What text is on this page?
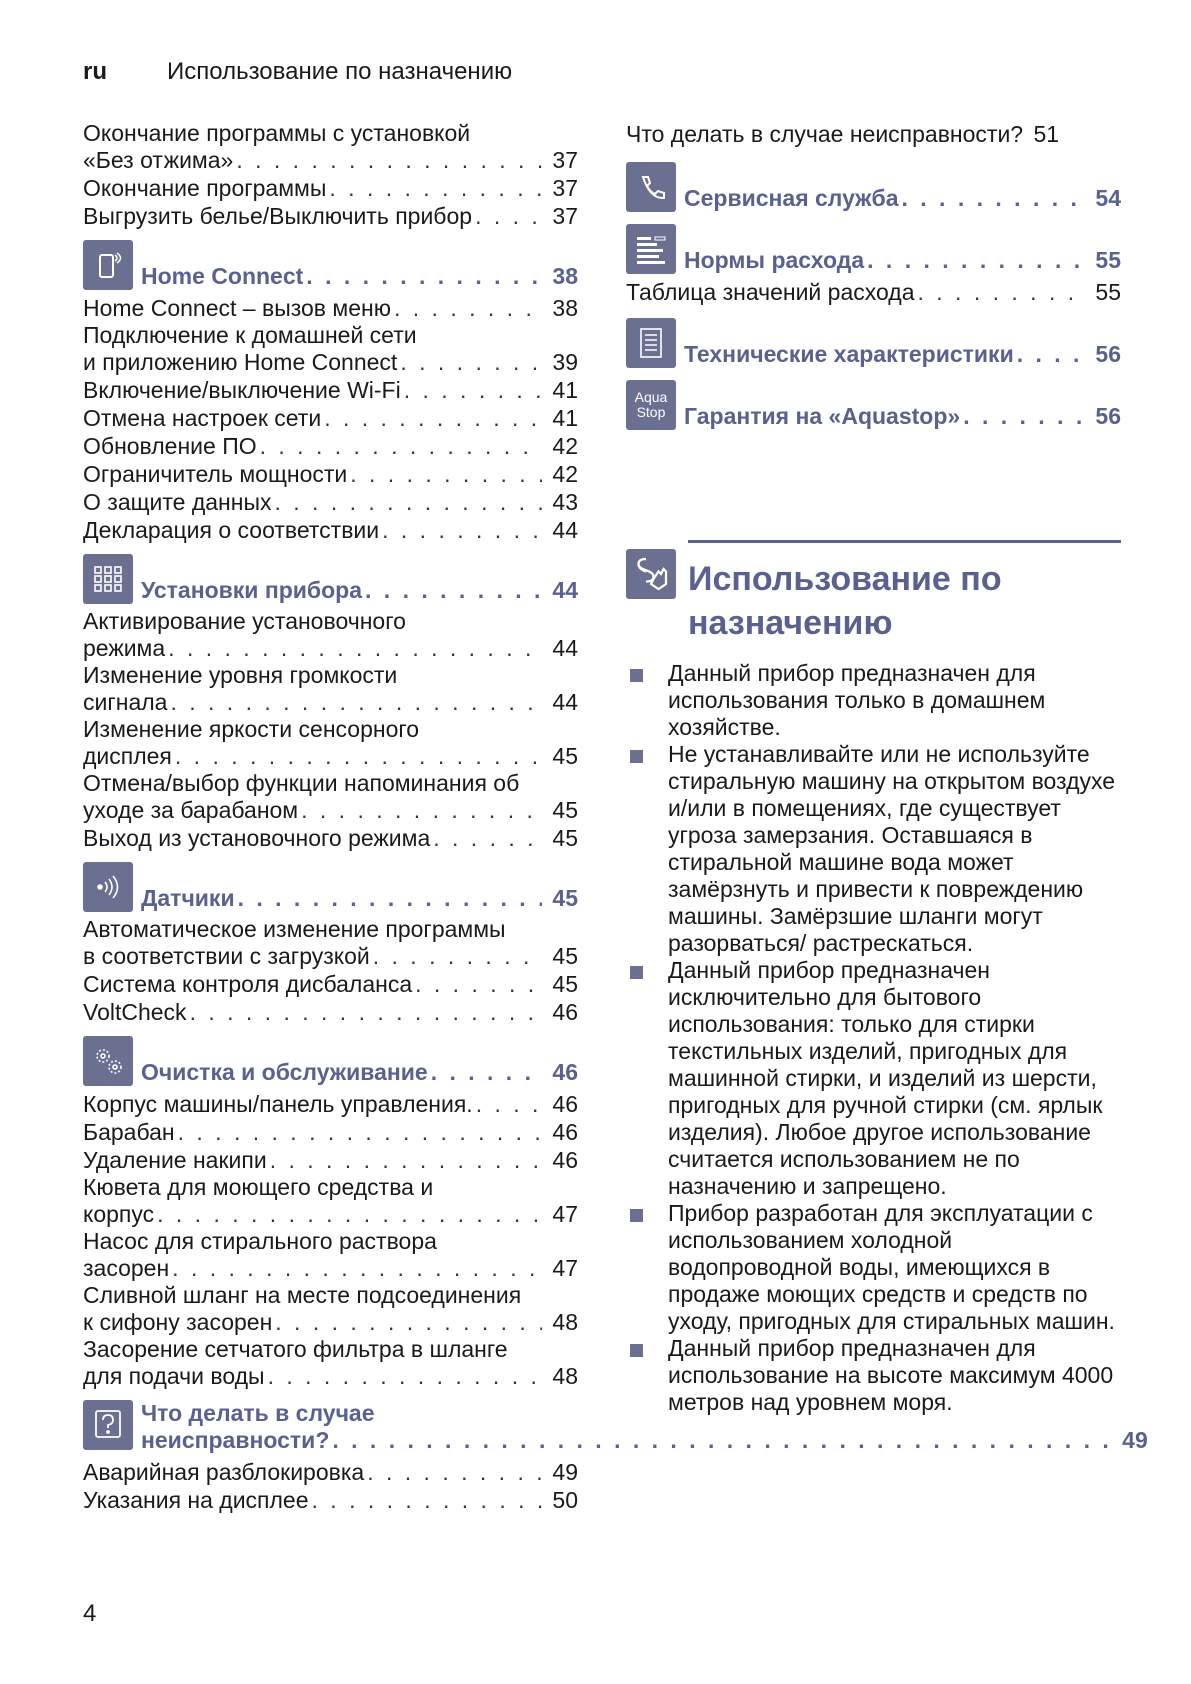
ru	Использование по назначению
Окончание программы с установкой
«Без отжима» . . .	37
Окончание программы . . .	37
Выгрузить белье/Выключить прибор . . .	37
Home Connect . . .	38
Home Connect – вызов меню . . .	38
Подключение к домашней сети
и приложению Home Connect . . .	39
Включение/выключение Wi-Fi . . .	41
Отмена настроек сети . . .	41
Обновление ПО . . .	42
Ограничитель мощности . . .	42
О защите данных . . .	43
Декларация о соответствии . . .	44
Установки прибора . . .	44
Активирование установочного
режима . . .	44
Изменение уровня громкости
сигнала . . .	44
Изменение яркости сенсорного
дисплея . . .	45
Отмена/выбор функции напоминания об
уходе за барабаном . . .	45
Выход из установочного режима . . .	45
Датчики . . .	45
Автоматическое изменение программы
в соответствии с загрузкой . . .	45
Система контроля дисбаланса . . .	45
VoltCheck . . .	46
Очистка и обслуживание . . .	46
Корпус машины/панель управления. . . .	46
Барабан . . .	46
Удаление накипи . . .	46
Кювета для моющего средства и
корпус . . .	47
Насос для стирального раствора
засорен . . .	47
Сливной шланг на месте подсоединения
к сифону засорен . . .	48
Засорение сетчатого фильтра в шланге
для подачи воды . . .	48
Что делать в случае
неисправности? . . .	49
Аварийная разблокировка . . .	49
Указания на дисплее . . .	50
Что делать в случае неисправности? 51
Сервисная служба . . .	54
Нормы расхода . . .	55
Таблица значений расхода . . .	55
Технические характеристики . . .	56
Aqua
Stop Гарантия на «Aquastop» . . .	56
Использование по
назначению
Данный прибор предназначен для использования только в домашнем хозяйстве.
Не устанавливайте или не используйте стиральную машину на открытом воздухе и/или в помещениях, где существует угроза замерзания. Оставшаяся в стиральной машине вода может замёрзнуть и привести к повреждению машины. Замёрзшие шланги могут разорваться/ растрескаться.
Данный прибор предназначен исключительно для бытового использования: только для стирки текстильных изделий, пригодных для машинной стирки, и изделий из шерсти, пригодных для ручной стирки (см. ярлык изделия). Любое другое использование считается использованием не по назначению и запрещено.
Прибор разработан для эксплуатации с использованием холодной водопроводной воды, имеющихся в продаже моющих средств и средств по уходу, пригодных для стиральных машин.
Данный прибор предназначен для использование на высоте максимум 4000 метров над уровнем моря.
4
